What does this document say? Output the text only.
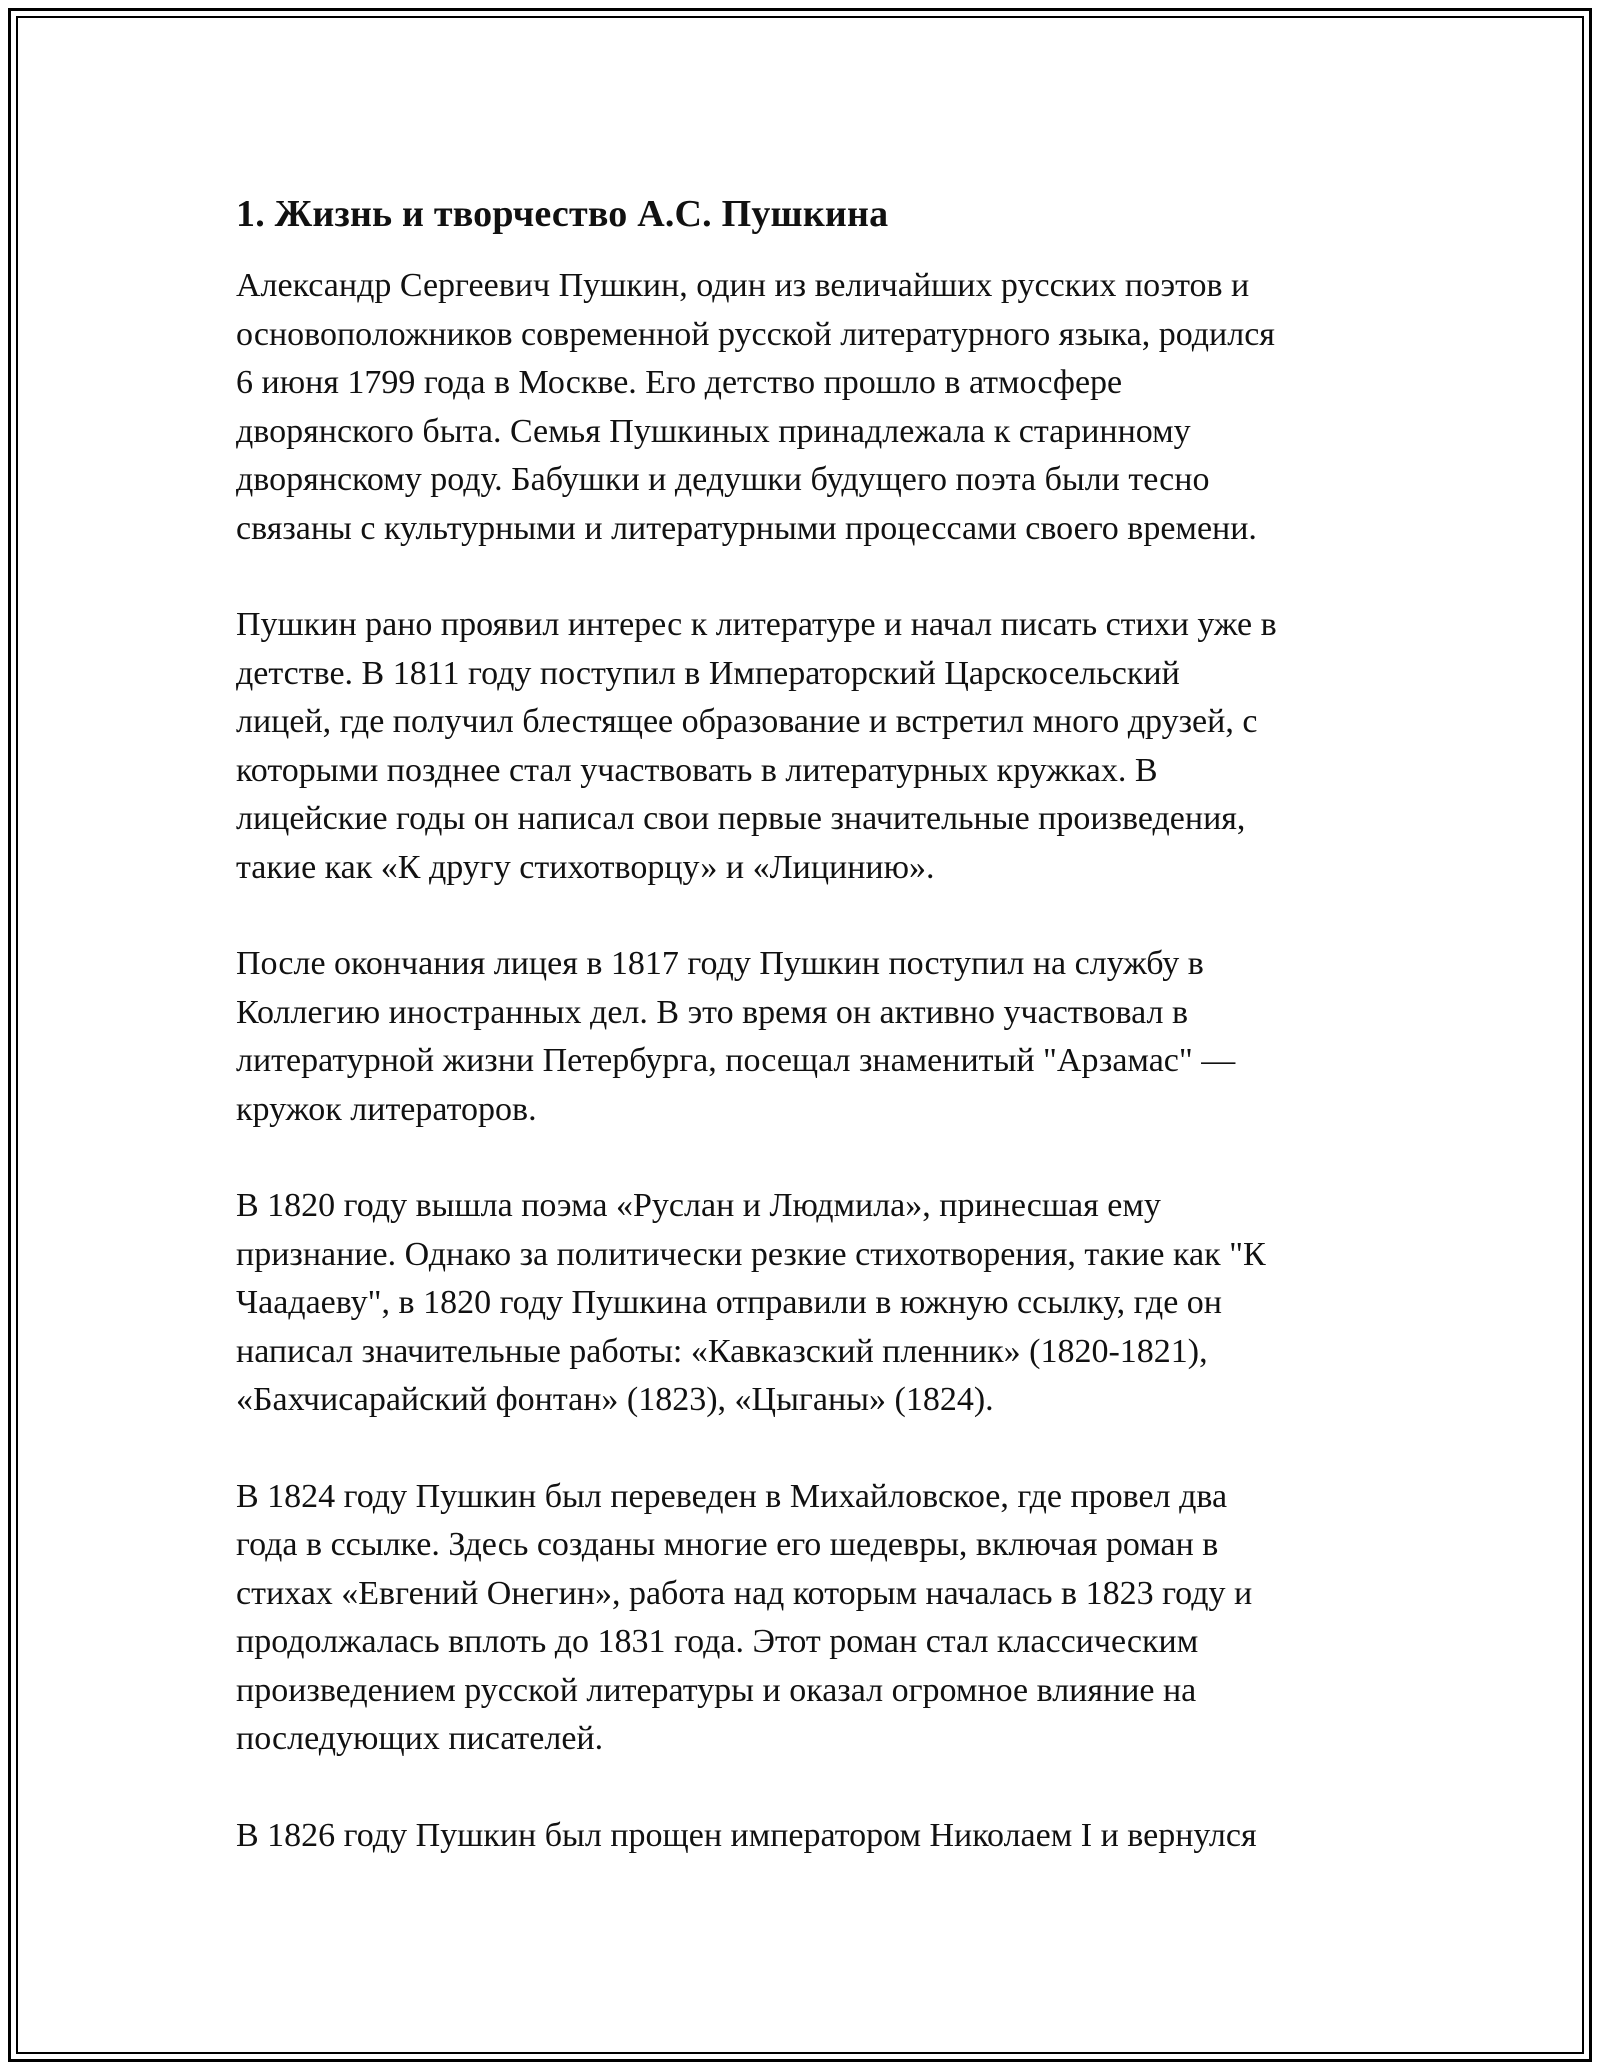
1. Жизнь и творчество А.С. Пушкина

Александр Сергеевич Пушкин, один из величайших русских поэтов и
основоположников современной русской литературного языка, родился
6 июня 1799 года в Москве. Его детство прошло в атмосфере
дворянского быта. Семья Пушкиных принадлежала к старинному
дворянскому роду. Бабушки и дедушки будущего поэта были тесно
связаны с культурными и литературными процессами своего времени.

Пушкин рано проявил интерес к литературе и начал писать стихи уже в
детстве. В 1811 году поступил в Императорский Царскосельский
лицей, где получил блестящее образование и встретил много друзей, с
которыми позднее стал участвовать в литературных кружках. В
лицейские годы он написал свои первые значительные произведения,
такие как «К другу стихотворцу» и «Лицинию».

После окончания лицея в 1817 году Пушкин поступил на службу в
Коллегию иностранных дел. В это время он активно участвовал в
литературной жизни Петербурга, посещал знаменитый "Арзамас" —
кружок литераторов.

В 1820 году вышла поэма «Руслан и Людмила», принесшая ему
признание. Однако за политически резкие стихотворения, такие как "К
Чаадаеву", в 1820 году Пушкина отправили в южную ссылку, где он
написал значительные работы: «Кавказский пленник» (1820-1821),
«Бахчисарайский фонтан» (1823), «Цыганы» (1824).

В 1824 году Пушкин был переведен в Михайловское, где провел два
года в ссылке. Здесь созданы многие его шедевры, включая роман в
стихах «Евгений Онегин», работа над которым началась в 1823 году и
продолжалась вплоть до 1831 года. Этот роман стал классическим
произведением русской литературы и оказал огромное влияние на
последующих писателей.

В 1826 году Пушкин был прощен императором Николаем I и вернулся
